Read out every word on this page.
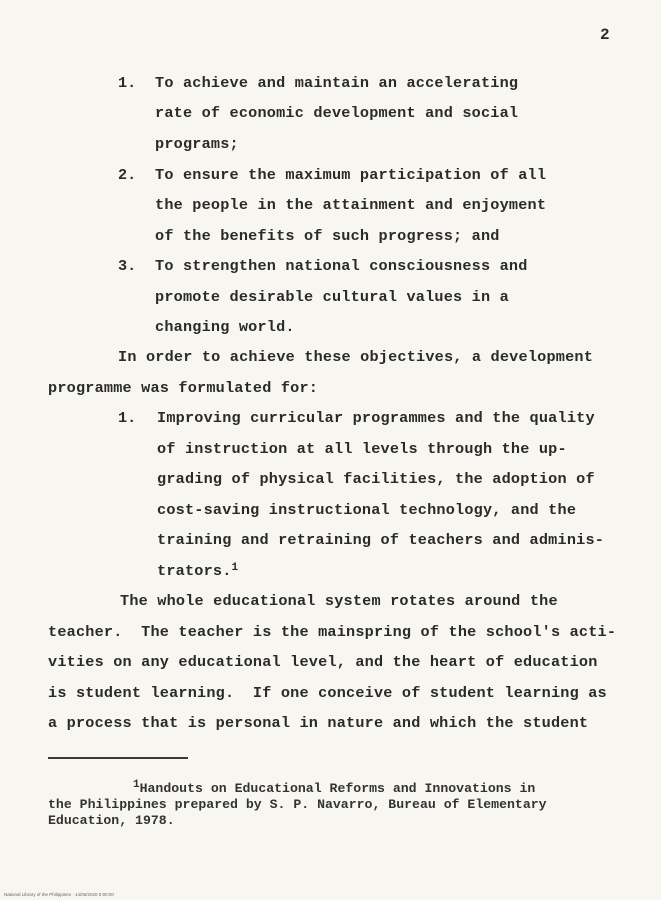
2
1. To achieve and maintain an accelerating
rate of economic development and social
programs;
2. To ensure the maximum participation of all
the people in the attainment and enjoyment
of the benefits of such progress; and
3. To strengthen national consciousness and
promote desirable cultural values in a
changing world.
In order to achieve these objectives, a development
programme was formulated for:
1. Improving curricular programmes and the quality
of instruction at all levels through the up-
grading of physical facilities, the adoption of
cost-saving instructional technology, and the
training and retraining of teachers and adminis-
trators.$^1$
The whole educational system rotates around the
teacher.  The teacher is the mainspring of the school's acti-
vities on any educational level, and the heart of education
is student learning.  If one conceive of student learning as
a process that is personal in nature and which the student
$^1$Handouts on Educational Reforms and Innovations in
the Philippines prepared by S. P. Navarro, Bureau of Elementary
Education, 1978.
National Library of the Philippines · 14/05/2020 0:00:00
